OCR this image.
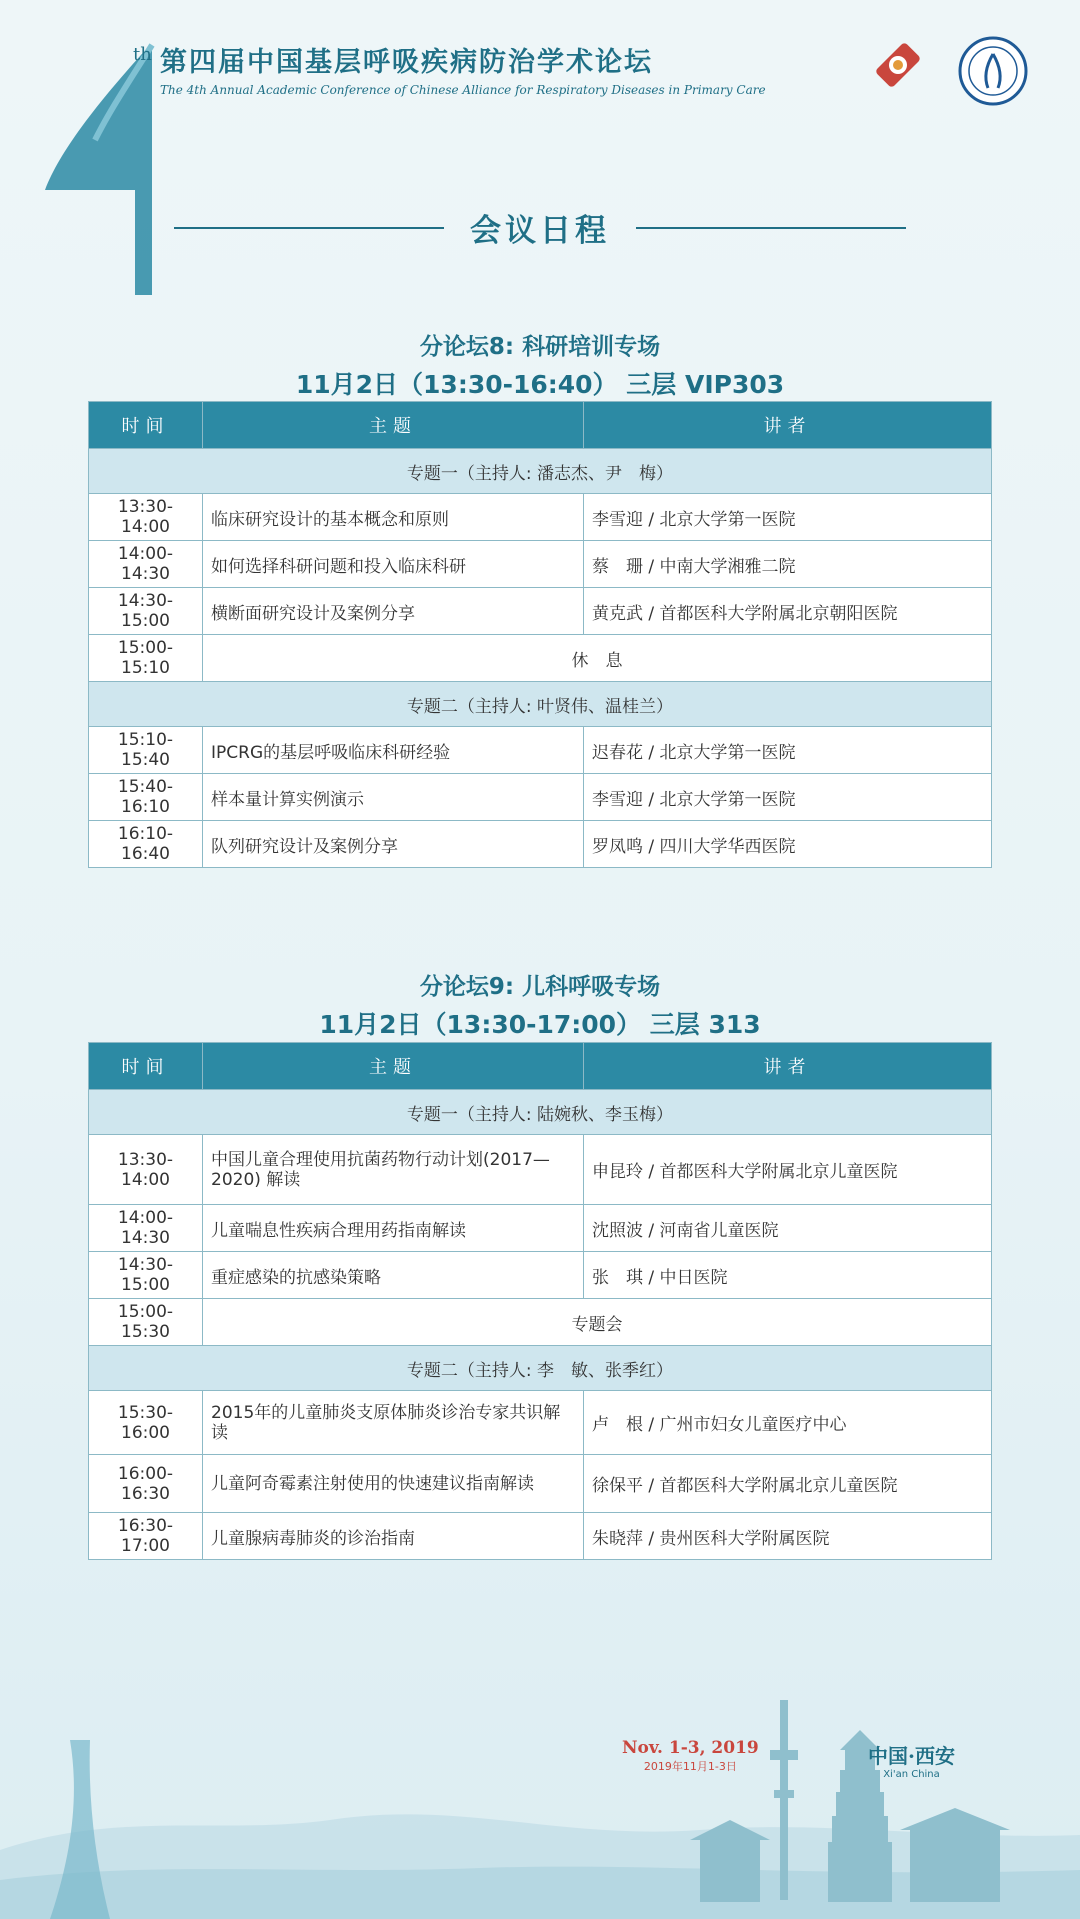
th 第四届中国基层呼吸疾病防治学术论坛
The 4th Annual Academic Conference of Chinese Alliance for Respiratory Diseases in Primary Care
会议日程
分论坛8: 科研培训专场
11月2日（13:30-16:40） 三层 VIP303
时间	主题	讲者
专题一（主持人: 潘志杰、尹　梅）		
13:30-14:00	临床研究设计的基本概念和原则	李雪迎 / 北京大学第一医院
14:00-14:30	如何选择科研问题和投入临床科研	蔡　珊 / 中南大学湘雅二院
14:30-15:00	横断面研究设计及案例分享	黄克武 / 首都医科大学附属北京朝阳医院
15:00-15:10	休　息	
专题二（主持人: 叶贤伟、温桂兰）		
15:10-15:40	IPCRG的基层呼吸临床科研经验	迟春花 / 北京大学第一医院
15:40-16:10	样本量计算实例演示	李雪迎 / 北京大学第一医院
16:10-16:40	队列研究设计及案例分享	罗凤鸣 / 四川大学华西医院
分论坛9: 儿科呼吸专场
11月2日（13:30-17:00） 三层 313
时间	主题	讲者
专题一（主持人: 陆婉秋、李玉梅）		
13:30-14:00	中国儿童合理使用抗菌药物行动计划(2017—2020) 解读	申昆玲 / 首都医科大学附属北京儿童医院
14:00-14:30	儿童喘息性疾病合理用药指南解读	沈照波 / 河南省儿童医院
14:30-15:00	重症感染的抗感染策略	张　琪 / 中日医院
15:00-15:30	专题会	
专题二（主持人: 李　敏、张季红）		
15:30-16:00	2015年的儿童肺炎支原体肺炎诊治专家共识解读	卢　根 / 广州市妇女儿童医疗中心
16:00-16:30	儿童阿奇霉素注射使用的快速建议指南解读	徐保平 / 首都医科大学附属北京儿童医院
16:30-17:00	儿童腺病毒肺炎的诊治指南	朱晓萍 / 贵州医科大学附属医院
Nov. 1-3, 2019
2019年11月1-3日	中国·西安
Xi'an China
